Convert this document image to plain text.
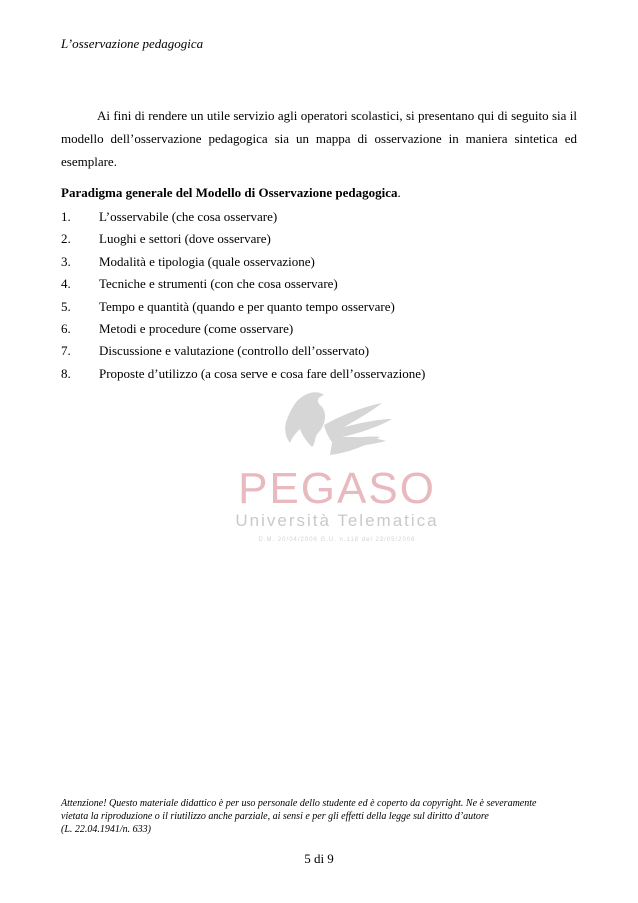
L’osservazione pedagogica

Ai fini di rendere un utile servizio agli operatori scolastici, si presentano qui di seguito sia il modello dell’osservazione pedagogica sia un mappa di osservazione in maniera sintetica ed esemplare.

Paradigma generale del Modello di Osservazione pedagogica.
1. L’osservabile (che cosa osservare)
2. Luoghi e settori (dove osservare)
3. Modalità e tipologia (quale osservazione)
4. Tecniche e strumenti (con che cosa osservare)
5. Tempo e quantità (quando e per quanto tempo osservare)
6. Metodi e procedure (come osservare)
7. Discussione e valutazione (controllo dell’osservato)
8. Proposte d’utilizzo (a cosa serve e cosa fare dell’osservazione)
PEGASO
Università Telematica
D.M. 20/04/2006 G.U. n.118 del 23/05/2006
Attenzione! Questo materiale didattico è per uso personale dello studente ed è coperto da copyright. Ne è severamente
vietata la riproduzione o il riutilizzo anche parziale, ai sensi e per gli effetti della legge sul diritto d’autore
(L. 22.04.1941/n. 633)
5 di 9
